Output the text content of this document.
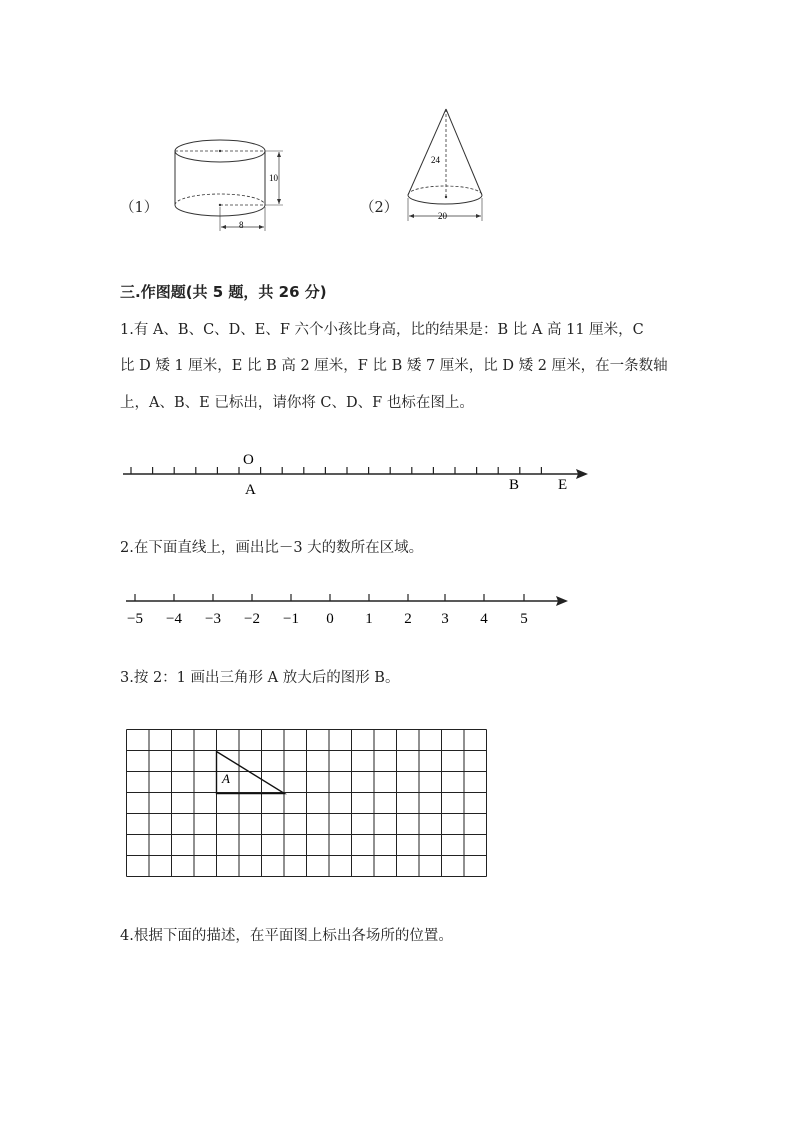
（1）
10
8
（2）
24
20
三.作图题(共 5 题，共 26 分)
1.有 A、B、C、D、E、F 六个小孩比身高，比的结果是：B 比 A 高 11 厘米，C
比 D 矮 1 厘米，E 比 B 高 2 厘米，F 比 B 矮 7 厘米，比 D 矮 2 厘米，在一条数轴
上，A、B、E 已标出，请你将 C、D、F 也标在图上。
O
A	B	E
2.在下面直线上，画出比－3 大的数所在区域。
−5 −4 −3 −2 −1 0 1 2 3 4 5
3.按 2：1 画出三角形 A 放大后的图形 B。
A
4.根据下面的描述，在平面图上标出各场所的位置。
